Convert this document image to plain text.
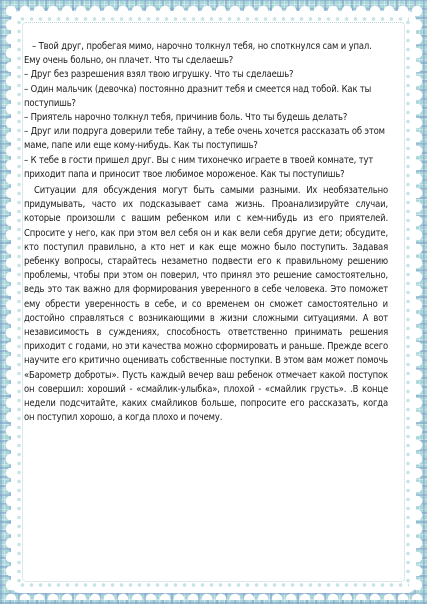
– Твой друг, пробегая мимо, нарочно толкнул тебя, но споткнулся сам и упал. Ему очень больно, он плачет. Что ты сделаешь?

– Друг без разрешения взял твою игрушку. Что ты сделаешь?

– Один мальчик (девочка) постоянно дразнит тебя и смеется над тобой. Как ты поступишь?

– Приятель нарочно толкнул тебя, причинив боль. Что ты будешь делать?

– Друг или подруга доверили тебе тайну, а тебе очень хочется рассказать об этом маме, папе или еще кому-нибудь. Как ты поступишь?

– К тебе в гости пришел друг. Вы с ним тихонечко играете в твоей комнате, тут приходит папа и приносит твое любимое мороженое. Как ты поступишь?

Ситуации для обсуждения могут быть самыми разными. Их необязательно придумывать, часто их подсказывает сама жизнь. Проанализируйте случаи, которые произошли с вашим ребенком или с кем-нибудь из его приятелей. Спросите у него, как при этом вел себя он и как вели себя другие дети; обсудите, кто поступил правильно, а кто нет и как еще можно было поступить. Задавая ребенку вопросы, старайтесь незаметно подвести его к правильному решению проблемы, чтобы при этом он поверил, что принял это решение самостоятельно, ведь это так важно для формирования уверенного в себе человека. Это поможет ему обрести уверенность в себе, и со временем он сможет самостоятельно и достойно справляться с возникающими в жизни сложными ситуациями. А вот независимость в суждениях, способность ответственно принимать решения приходит с годами, но эти качества можно сформировать и раньше. Прежде всего научите его критично оценивать собственные поступки. В этом вам может помочь «Барометр доброты». Пусть каждый вечер ваш ребенок отмечает какой поступок он совершил: хороший - «смайлик-улыбка», плохой - «смайлик грусть». .В конце недели подсчитайте, каких смайликов больше, попросите его рассказать, когда он поступил хорошо, а когда плохо и почему.
